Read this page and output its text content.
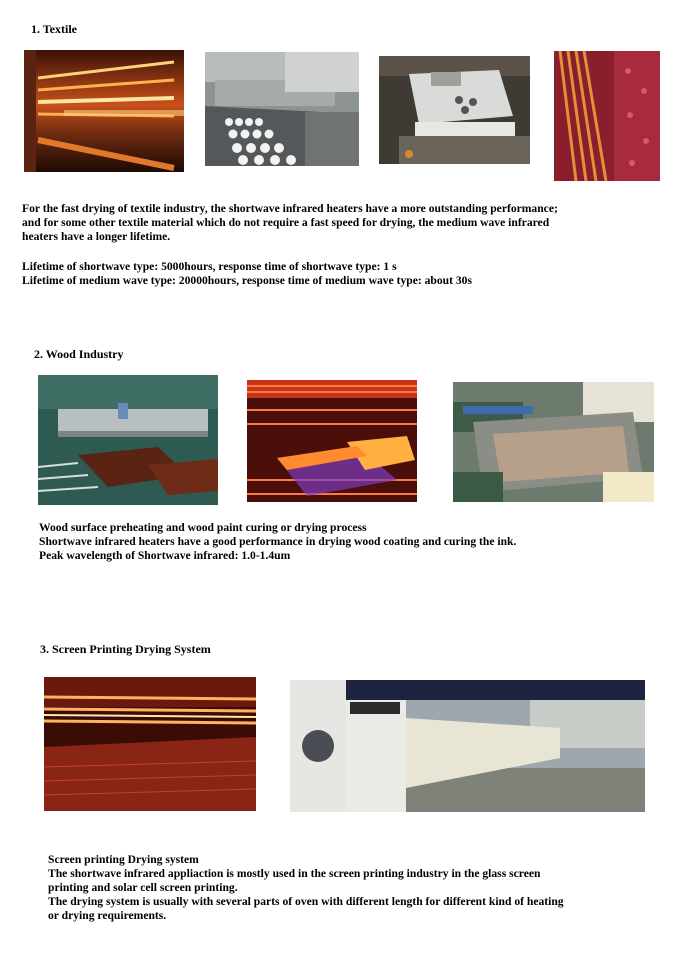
1. Textile
For the fast drying of textile industry, the shortwave infrared heaters have a more outstanding performance;
and for some other textile material which do not require a fast speed for drying, the medium wave infrared
heaters have a longer lifetime.
Lifetime of shortwave type: 5000hours, response time of shortwave type: 1 s
Lifetime of medium wave type: 20000hours, response time of medium wave type: about 30s
2. Wood Industry
Wood surface preheating and wood paint curing or drying process
Shortwave infrared heaters have a good performance in drying wood coating and curing the ink.
Peak wavelength of Shortwave infrared: 1.0-1.4um
3. Screen Printing Drying System
Screen printing Drying system
The shortwave infrared appliaction is mostly used in the screen printing industry in the glass screen
printing and solar cell screen printing.
The drying system is usually with several parts of oven with different length for different kind of heating
or drying requirements.
